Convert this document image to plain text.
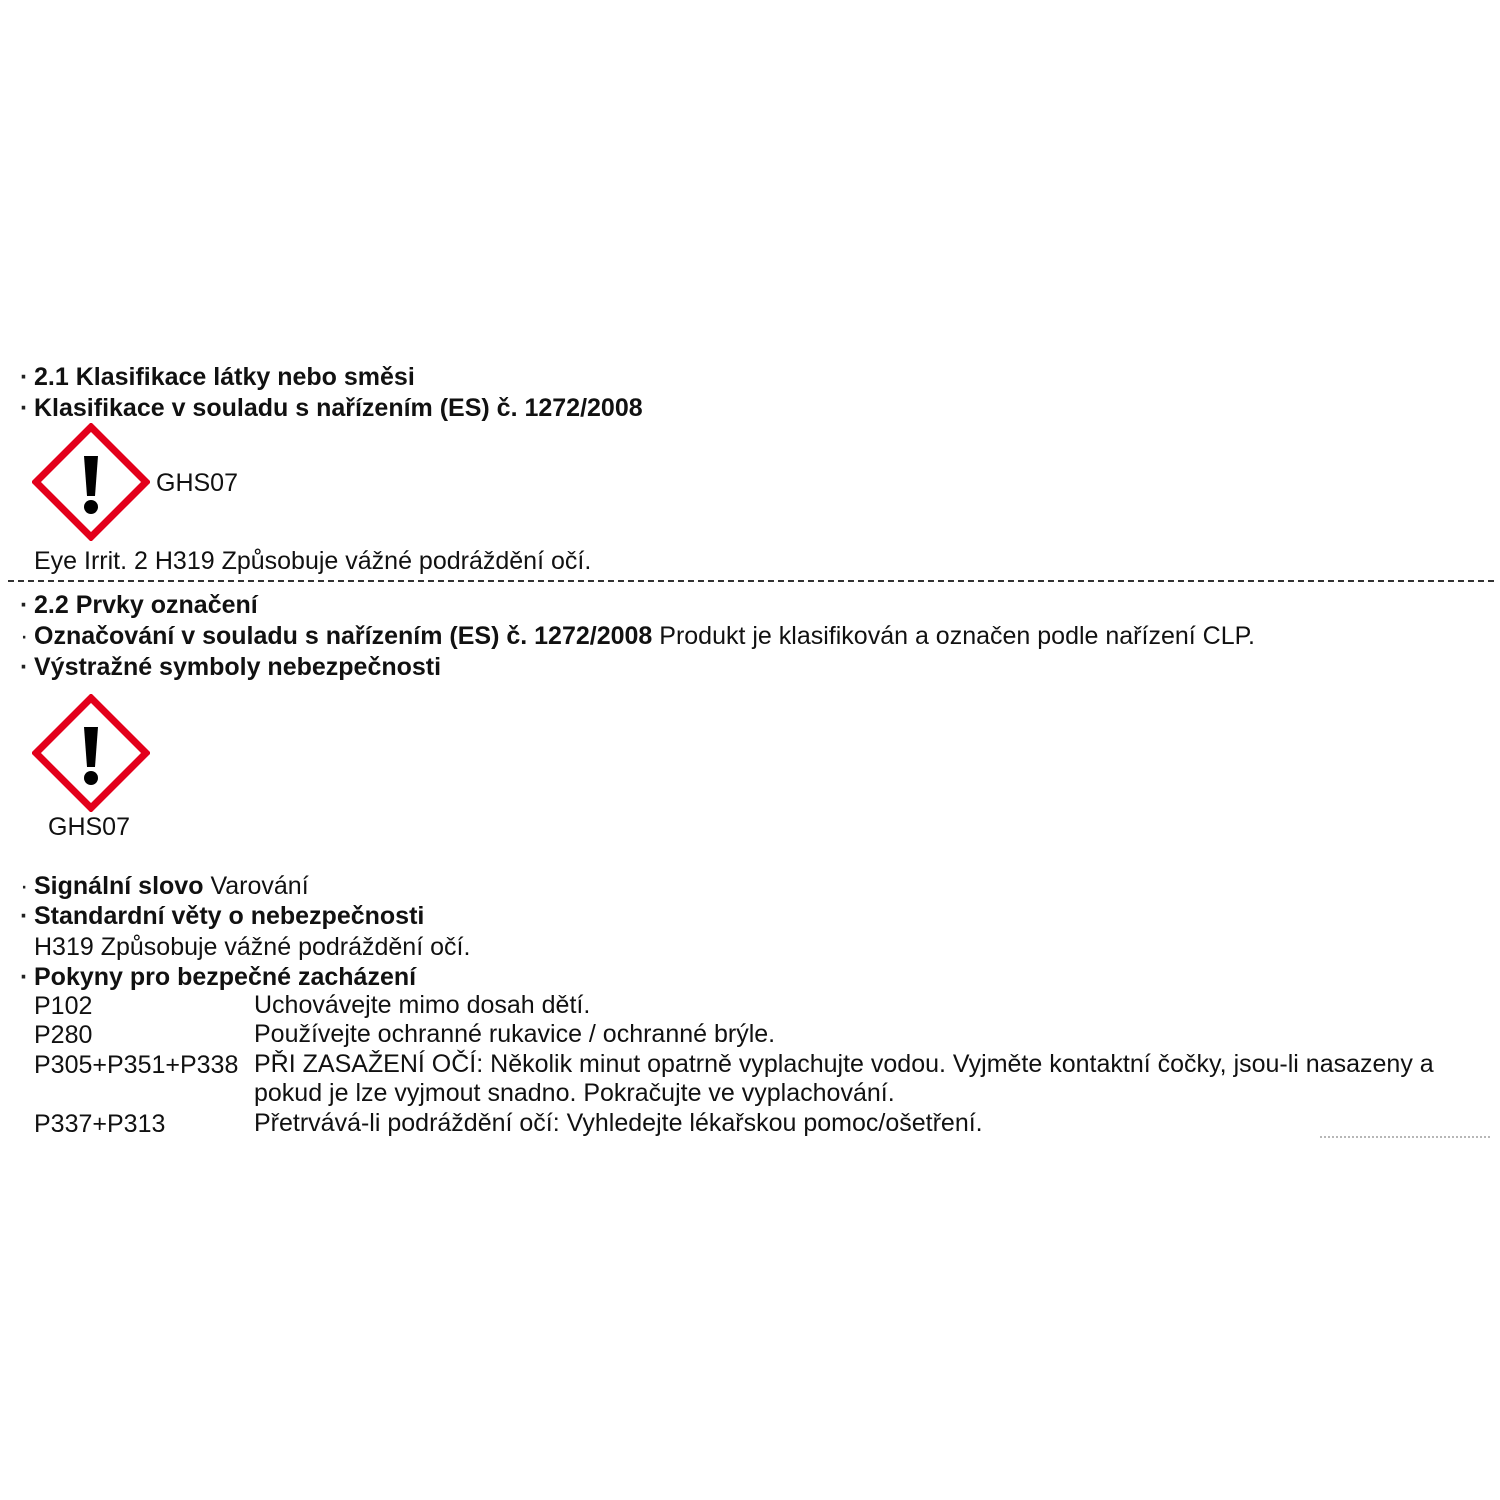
· 2.1 Klasifikace látky nebo směsi
· Klasifikace v souladu s nařízením (ES) č. 1272/2008
GHS07
Eye Irrit. 2 H319 Způsobuje vážné podráždění očí.
· 2.2 Prvky označení
· Označování v souladu s nařízením (ES) č. 1272/2008 Produkt je klasifikován a označen podle nařízení CLP.
· Výstražné symboly nebezpečnosti
GHS07
· Signální slovo Varování
· Standardní věty o nebezpečnosti
H319 Způsobuje vážné podráždění očí.
· Pokyny pro bezpečné zacházení
P102	Uchovávejte mimo dosah dětí.
P280	Používejte ochranné rukavice / ochranné brýle.
P305+P351+P338 PŘI ZASAŽENÍ OČÍ: Několik minut opatrně vyplachujte vodou. Vyjměte kontaktní čočky, jsou-li nasazeny a pokud je lze vyjmout snadno. Pokračujte ve vyplachování.
P337+P313	Přetrvává-li podráždění očí: Vyhledejte lékařskou pomoc/ošetření.
